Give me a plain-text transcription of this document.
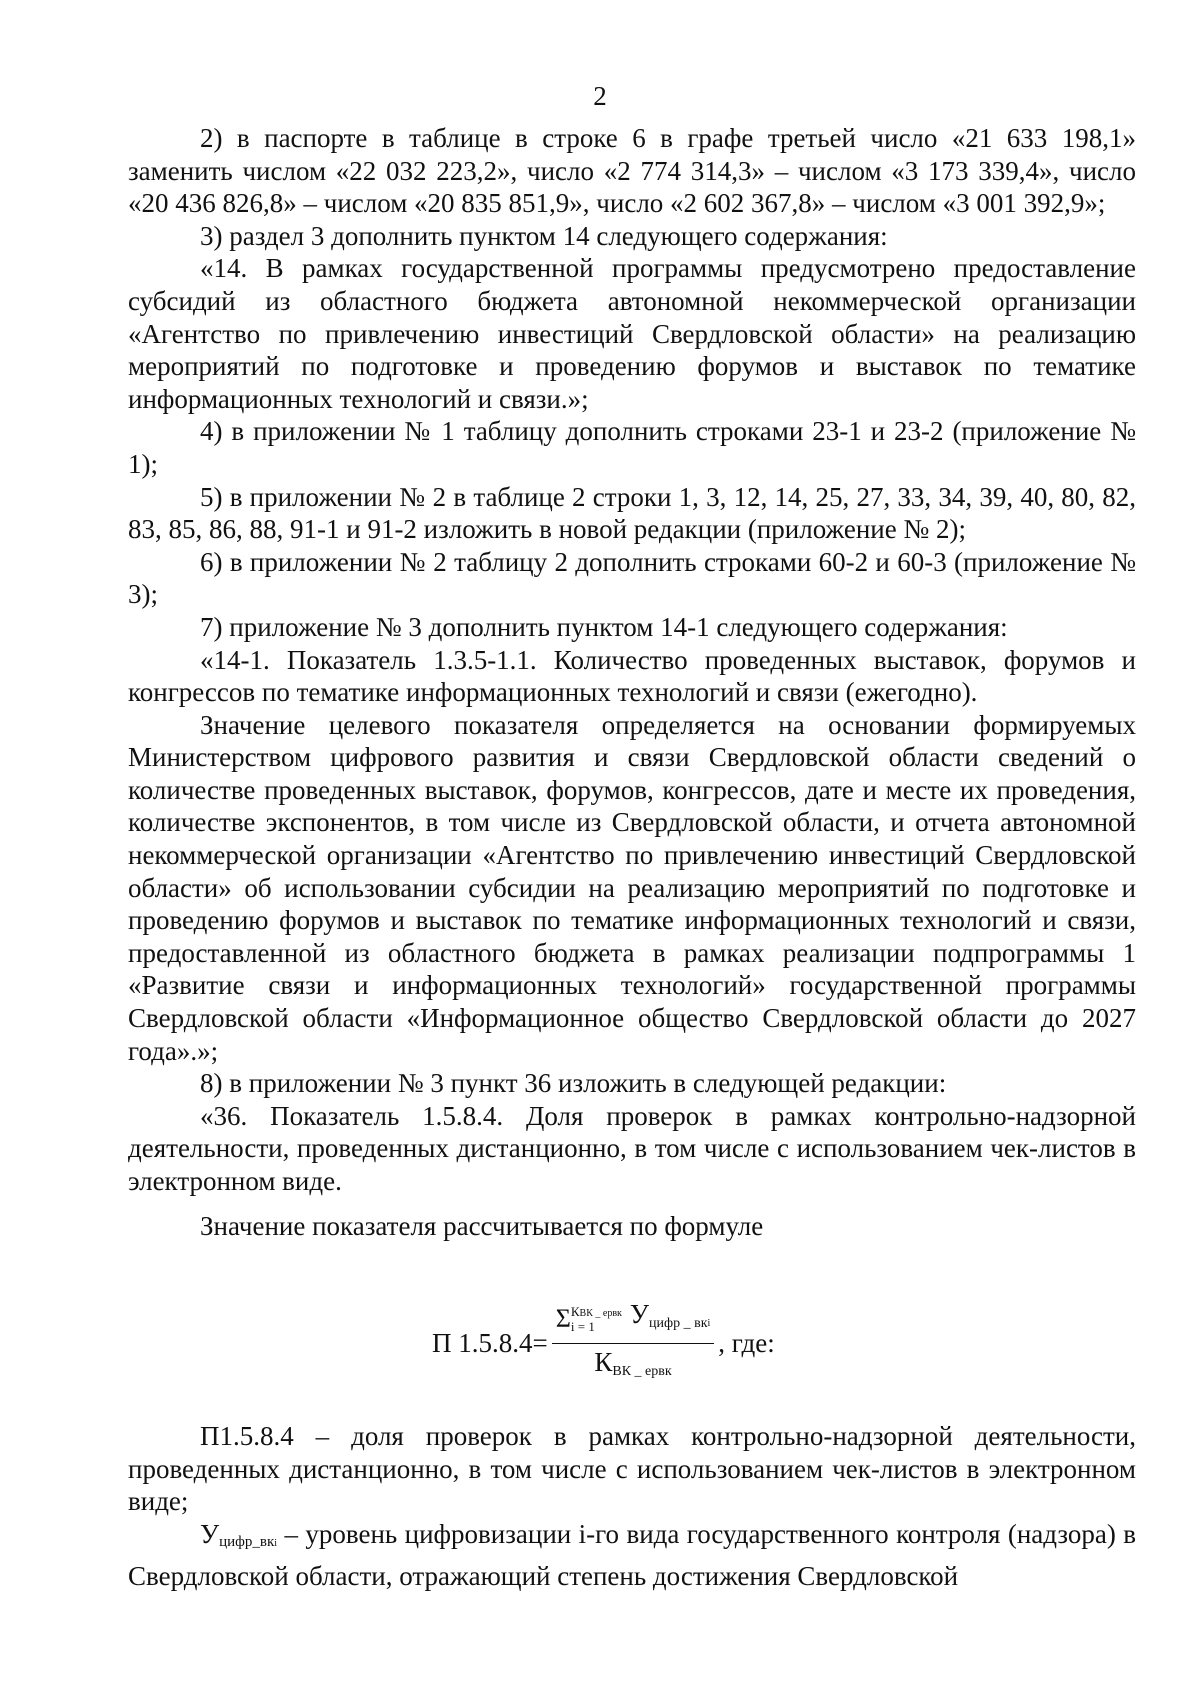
2

2) в паспорте в таблице в строке 6 в графе третьей число «21 633 198,1» заменить числом «22 032 223,2», число «2 774 314,3» – числом «3 173 339,4», число «20 436 826,8» – числом «20 835 851,9», число «2 602 367,8» – числом «3 001 392,9»;

3) раздел 3 дополнить пунктом 14 следующего содержания:

«14. В рамках государственной программы предусмотрено предоставление субсидий из областного бюджета автономной некоммерческой организации «Агентство по привлечению инвестиций Свердловской области» на реализацию мероприятий по подготовке и проведению форумов и выставок по тематике информационных технологий и связи.»;

4) в приложении № 1 таблицу дополнить строками 23-1 и 23-2 (приложение № 1);

5) в приложении № 2 в таблице 2 строки 1, 3, 12, 14, 25, 27, 33, 34, 39, 40, 80, 82, 83, 85, 86, 88, 91-1 и 91-2 изложить в новой редакции (приложение № 2);

6) в приложении № 2 таблицу 2 дополнить строками 60-2 и 60-3 (приложение № 3);

7) приложение № 3 дополнить пунктом 14-1 следующего содержания:

«14-1. Показатель 1.3.5-1.1. Количество проведенных выставок, форумов и конгрессов по тематике информационных технологий и связи (ежегодно).

Значение целевого показателя определяется на основании формируемых Министерством цифрового развития и связи Свердловской области сведений о количестве проведенных выставок, форумов, конгрессов, дате и месте их проведения, количестве экспонентов, в том числе из Свердловской области, и отчета автономной некоммерческой организации «Агентство по привлечению инвестиций Свердловской области» об использовании субсидии на реализацию мероприятий по подготовке и проведению форумов и выставок по тематике информационных технологий и связи, предоставленной из областного бюджета в рамках реализации подпрограммы 1 «Развитие связи и информационных технологий» государственной программы Свердловской области «Информационное общество Свердловской области до 2027 года».»;

8) в приложении № 3 пункт 36 изложить в следующей редакции:

«36. Показатель 1.5.8.4. Доля проверок в рамках контрольно-надзорной деятельности, проведенных дистанционно, в том числе с использованием чек-листов в электронном виде.

Значение показателя рассчитывается по формуле

П 1.5.8.4 =
Σ КВК _ ервк
i = 1	$У_{цифр \_ вк}i$
$К_{ВК \_ ервк}$
, где:

П1.5.8.4 – доля проверок в рамках контрольно-надзорной деятельности, проведенных дистанционно, в том числе с использованием чек-листов в электронном виде;

$У_{цифр\_вк}i$ – уровень цифровизации i-го вида государственного контроля (надзора) в Свердловской области, отражающий степень достижения Свердловской
